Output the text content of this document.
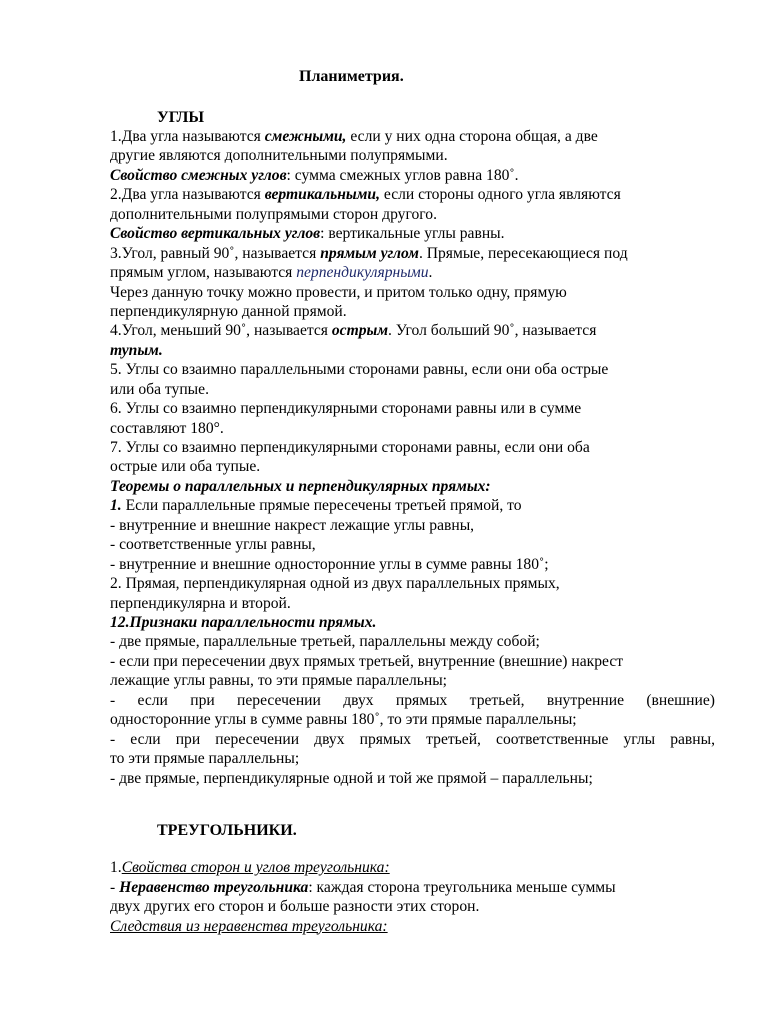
Планиметрия.
УГЛЫ
1.Два угла называются смежными, если у них одна сторона общая, а две
другие являются дополнительными полупрямыми.
Свойство смежных углов: сумма смежных углов равна 180˚.
2.Два угла называются вертикальными, если стороны одного угла являются
дополнительными полупрямыми сторон другого.
Свойство вертикальных углов: вертикальные углы равны.
3.Угол, равный 90˚, называется прямым углом. Прямые, пересекающиеся под
прямым углом, называются перпендикулярными.
Через данную точку можно провести, и притом только одну, прямую
перпендикулярную данной прямой.
4.Угол, меньший 90˚, называется острым. Угол больший 90˚, называется
тупым.
5. Углы со взаимно параллельными сторонами равны, если они оба острые
или оба тупые.
6. Углы со взаимно перпендикулярными сторонами равны или в сумме
составляют 180°.
7. Углы со взаимно перпендикулярными сторонами равны, если они оба
острые или оба тупые.
Теоремы о параллельных и перпендикулярных прямых:
1. Если параллельные прямые пересечены третьей прямой, то
- внутренние и внешние накрест лежащие углы равны,
- соответственные углы равны,
- внутренние и внешние односторонние углы в сумме равны 180˚;
2. Прямая, перпендикулярная одной из двух параллельных прямых,
перпендикулярна и второй.
12.Признаки параллельности прямых.
- две прямые, параллельные третьей, параллельны между собой;
- если при пересечении двух прямых третьей, внутренние (внешние) накрест
лежащие углы равны, то эти прямые параллельны;
- если при пересечении двух прямых третьей, внутренние (внешние)
односторонние углы в сумме равны 180˚, то эти прямые параллельны;
- если при пересечении двух прямых третьей, соответственные углы равны,
то эти прямые параллельны;
- две прямые, перпендикулярные одной и той же прямой – параллельны;
ТРЕУГОЛЬНИКИ.
1.Свойства сторон и углов треугольника:
- Неравенство треугольника: каждая сторона треугольника меньше суммы
двух других его сторон и больше разности этих сторон.
Следствия из неравенства треугольника:
